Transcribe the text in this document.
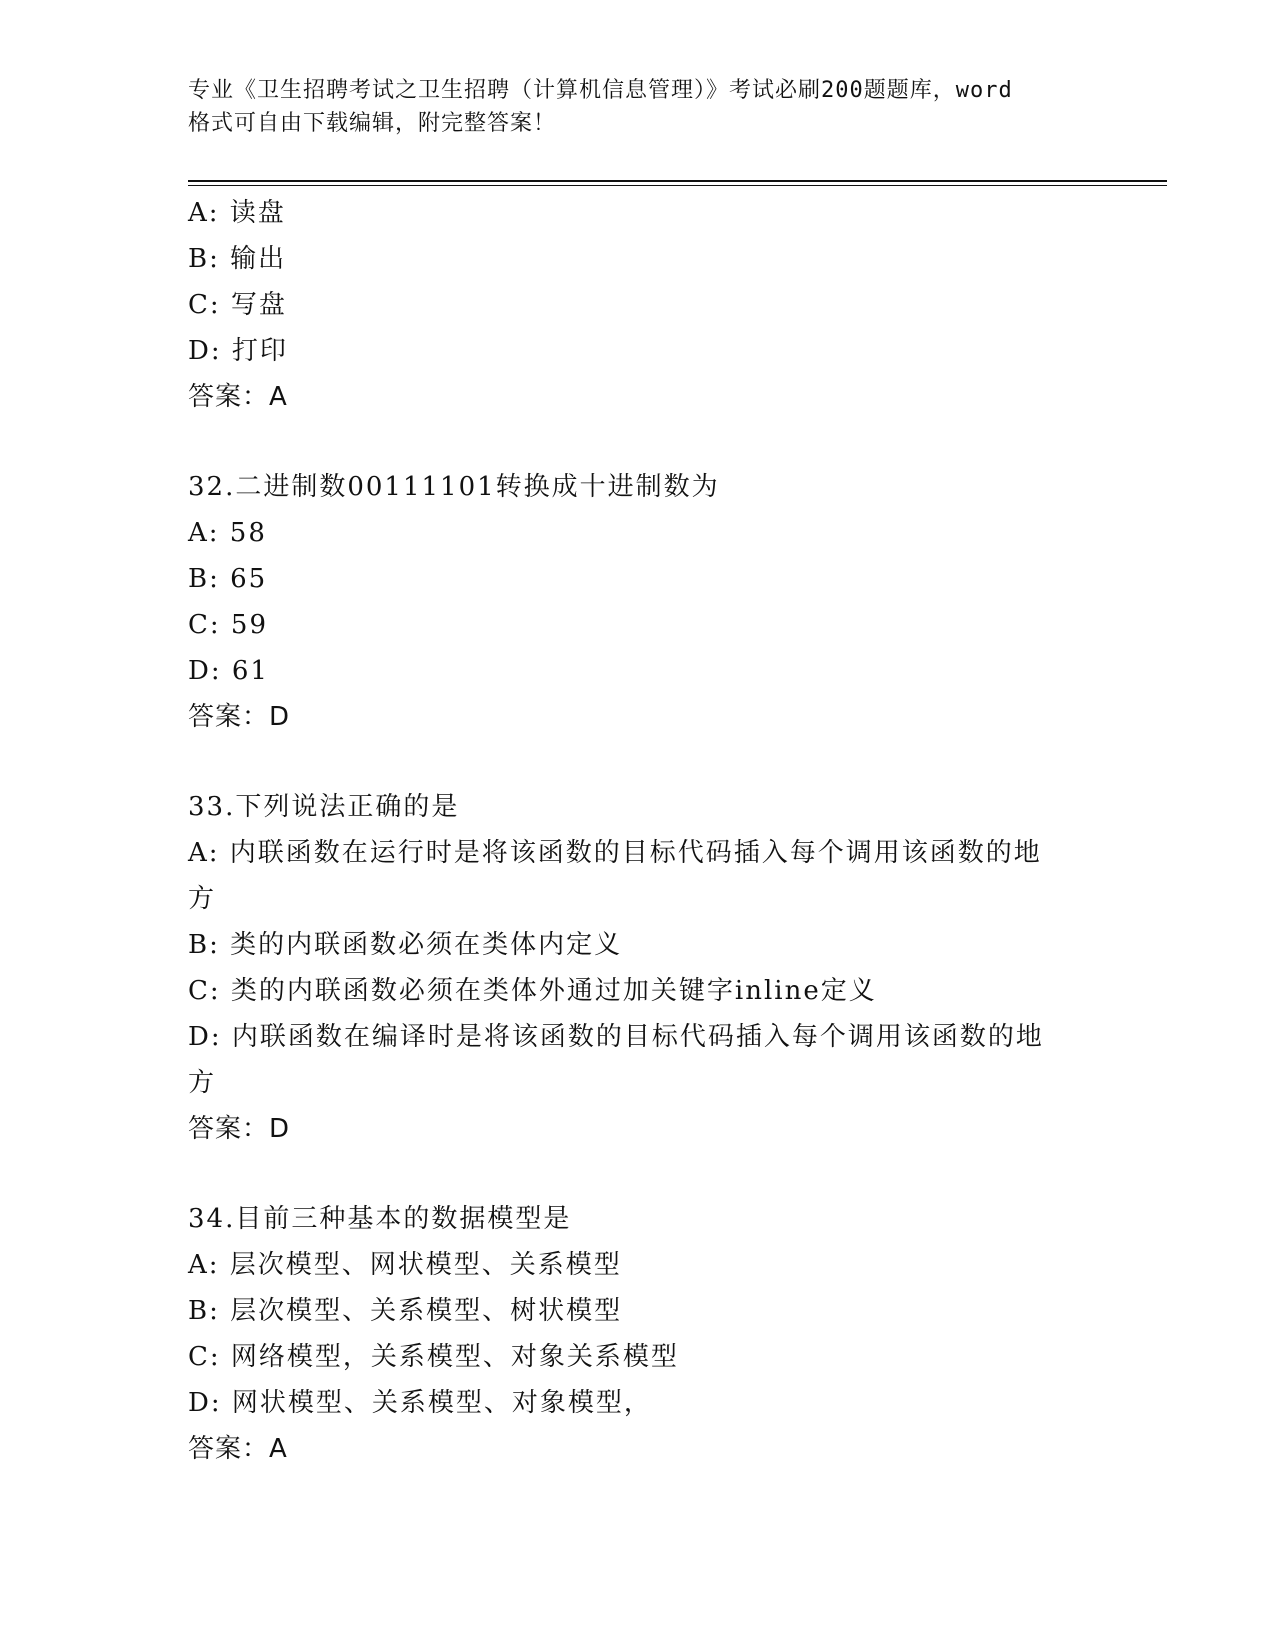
专业《卫生招聘考试之卫生招聘（计算机信息管理）》考试必刷200题题库，word
格式可自由下载编辑，附完整答案！
A: 读盘
B: 输出
C: 写盘
D: 打印
答案：A
32.二进制数00111101转换成十进制数为
A: 58
B: 65
C: 59
D: 61
答案：D
33.下列说法正确的是
A: 内联函数在运行时是将该函数的目标代码插入每个调用该函数的地方
B: 类的内联函数必须在类体内定义
C: 类的内联函数必须在类体外通过加关键字inline定义
D: 内联函数在编译时是将该函数的目标代码插入每个调用该函数的地方
答案：D
34.目前三种基本的数据模型是
A: 层次模型、网状模型、关系模型
B: 层次模型、关系模型、树状模型
C: 网络模型，关系模型、对象关系模型
D: 网状模型、关系模型、对象模型，
答案：A
